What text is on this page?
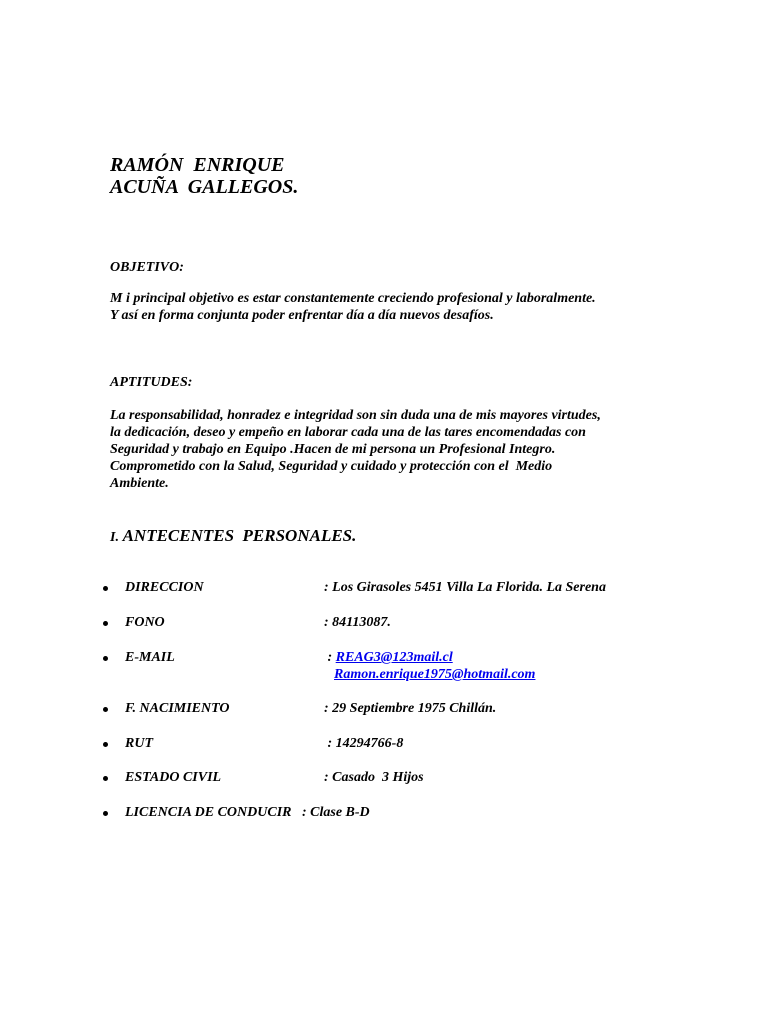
RAMÓN  ENRIQUE
ACUÑA  GALLEGOS.
OBJETIVO:
M i principal objetivo es estar constantemente creciendo profesional y laboralmente.
Y así en forma conjunta poder enfrentar día a día nuevos desafíos.
APTITUDES:
La responsabilidad, honradez e integridad son sin duda una de mis mayores virtudes,
la dedicación, deseo y empeño en laborar cada una de las tares encomendadas con
Seguridad y trabajo en Equipo .Hacen de mi persona un Profesional Integro.
Comprometido con la Salud, Seguridad y cuidado y protección con el  Medio
Ambiente.
I. ANTECENTES  PERSONALES.
DIRECCION	: Los Girasoles 5451 Villa La Florida. La Serena
FONO	: 84113087.
E-MAIL	: REAG3@123mail.cl
Ramon.enrique1975@hotmail.com
F. NACIMIENTO	: 29 Septiembre 1975 Chillán.
RUT	: 14294766-8
ESTADO CIVIL	: Casado  3 Hijos
LICENCIA DE CONDUCIR   : Clase B-D
